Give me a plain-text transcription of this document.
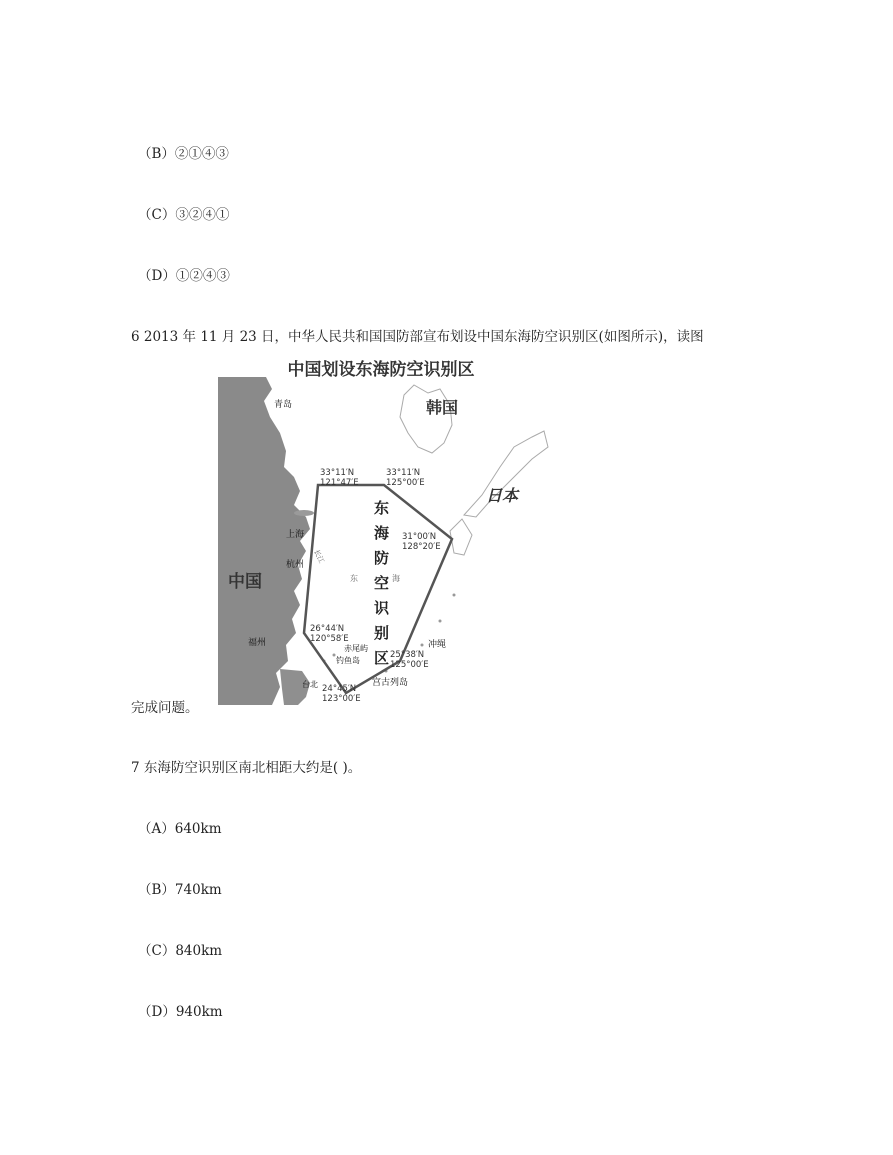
（B）②①④③
（C）③②④①
（D）①②④③
6 2013 年 11 月 23 日，中华人民共和国国防部宣布划设中国东海防空识别区(如图所示)，读图
中国划设东海防空识别区
中国
韩国
日本
青岛
上海
杭州
福州
台北
冲绳
赤尾屿
钓鱼岛
宫古列岛
东	海
长江
东 海 防 空 识 别 区
33°11′N
121°47′E
33°11′N
125°00′E
31°00′N
128°20′E
26°44′N
120°58′E
25°38′N
125°00′E
24°45′N
123°00′E
完成问题。
7 东海防空识别区南北相距大约是( )。
（A）640km
（B）740km
（C）840km
（D）940km
